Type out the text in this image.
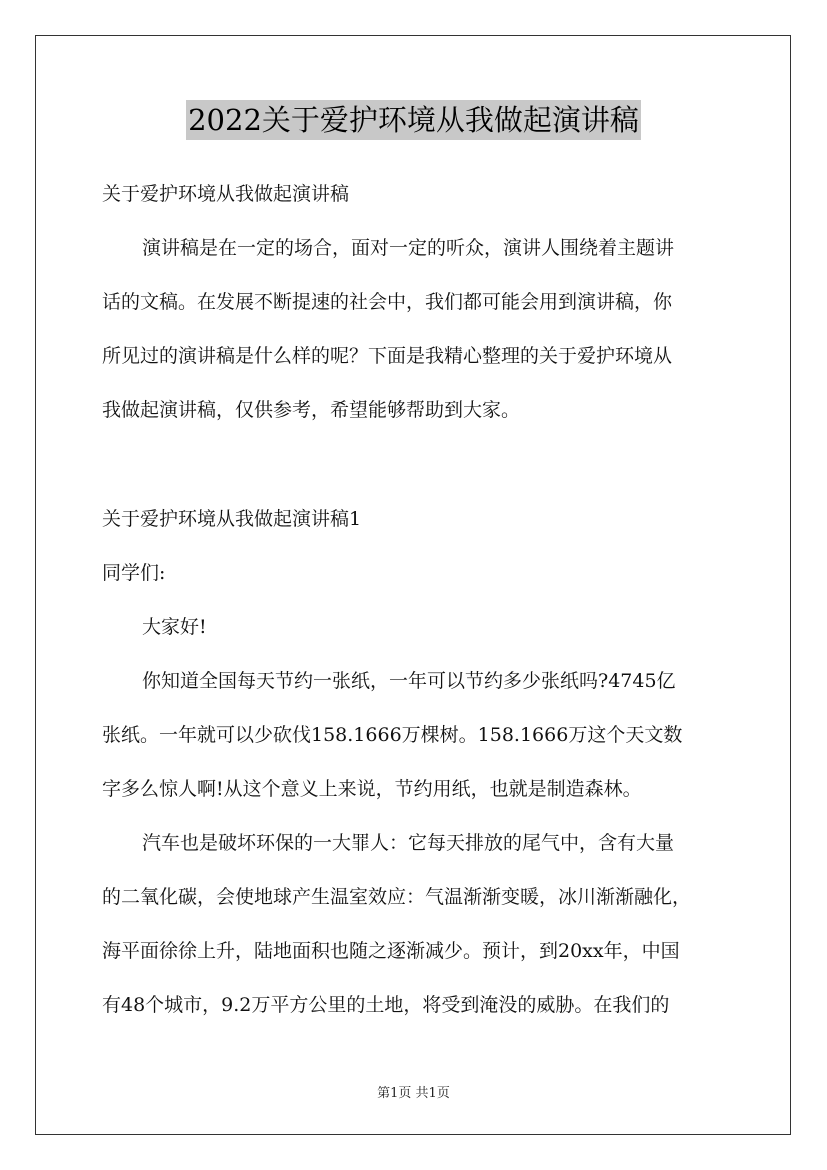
2022关于爱护环境从我做起演讲稿
关于爱护环境从我做起演讲稿
演讲稿是在一定的场合，面对一定的听众，演讲人围绕着主题讲
话的文稿。在发展不断提速的社会中，我们都可能会用到演讲稿，你
所见过的演讲稿是什么样的呢？下面是我精心整理的关于爱护环境从
我做起演讲稿，仅供参考，希望能够帮助到大家。
关于爱护环境从我做起演讲稿1
同学们:
大家好!
你知道全国每天节约一张纸，一年可以节约多少张纸吗?4745亿
张纸。一年就可以少砍伐158.1666万棵树。158.1666万这个天文数
字多么惊人啊!从这个意义上来说，节约用纸，也就是制造森林。
汽车也是破坏环保的一大罪人：它每天排放的尾气中，含有大量
的二氧化碳，会使地球产生温室效应：气温渐渐变暖，冰川渐渐融化，
海平面徐徐上升，陆地面积也随之逐渐减少。预计，到20xx年，中国
有48个城市，9.2万平方公里的土地，将受到淹没的威胁。在我们的
第1页 共1页
